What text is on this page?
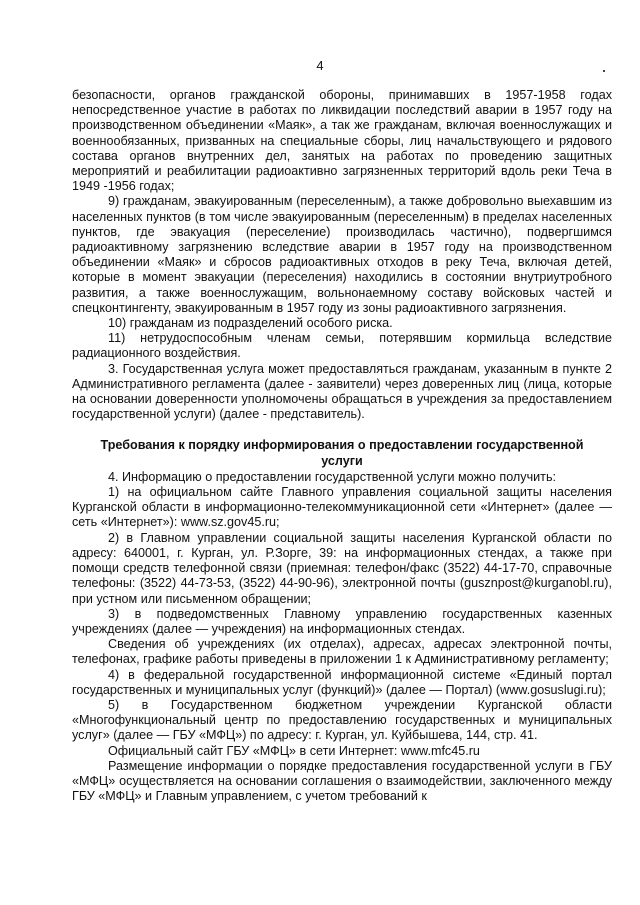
4

безопасности, органов гражданской обороны, принимавших в 1957-1958 годах непосредственное участие в работах по ликвидации последствий аварии в 1957 году на производственном объединении «Маяк», а так же гражданам, включая военнослужащих и военнообязанных, призванных на специальные сборы, лиц начальствующего и рядового состава органов внутренних дел, занятых на работах по проведению защитных мероприятий и реабилитации радиоактивно загрязненных территорий вдоль реки Теча в 1949 -1956 годах;

9) гражданам, эвакуированным (переселенным), а также добровольно выехавшим из населенных пунктов (в том числе эвакуированным (переселенным) в пределах населенных пунктов, где эвакуация (переселение) производилась частично), подвергшимся радиоактивному загрязнению вследствие аварии в 1957 году на производственном объединении «Маяк» и сбросов радиоактивных отходов в реку Теча, включая детей, которые в момент эвакуации (переселения) находились в состоянии внутриутробного развития, а также военнослужащим, вольнонаемному составу войсковых частей и спецконтингенту, эвакуированным в 1957 году из зоны радиоактивного загрязнения.

10) гражданам из подразделений особого риска.

11) нетрудоспособным членам семьи, потерявшим кормильца вследствие радиационного воздействия.

3. Государственная услуга может предоставляться гражданам, указанным в пункте 2 Административного регламента (далее - заявители) через доверенных лиц (лица, которые на основании доверенности уполномочены обращаться в учреждения за предоставлением государственной услуги) (далее - представитель).

Требования к порядку информирования о предоставлении государственной услуги

4. Информацию о предоставлении государственной услуги можно получить:

1) на официальном сайте Главного управления социальной защиты населения Курганской области в информационно-телекоммуникационной сети «Интернет» (далее — сеть «Интернет»): www.sz.gov45.ru;

2) в Главном управлении социальной защиты населения Курганской области по адресу: 640001, г. Курган, ул. Р.Зорге, 39: на информационных стендах, а также при помощи средств телефонной связи (приемная: телефон/факс (3522) 44-17-70, справочные телефоны: (3522) 44-73-53, (3522) 44-90-96), электронной почты (gusznpost@kurganobl.ru), при устном или письменном обращении;

3) в подведомственных Главному управлению государственных казенных учреждениях (далее — учреждения) на информационных стендах.

Сведения об учреждениях (их отделах), адресах, адресах электронной почты, телефонах, графике работы приведены в приложении 1 к Административному регламенту;

4) в федеральной государственной информационной системе «Единый портал государственных и муниципальных услуг (функций)» (далее — Портал) (www.gosuslugi.ru);

5) в Государственном бюджетном учреждении Курганской области «Многофункциональный центр по предоставлению государственных и муниципальных услуг» (далее — ГБУ «МФЦ») по адресу: г. Курган, ул. Куйбышева, 144, стр. 41.

Официальный сайт ГБУ «МФЦ» в сети Интернет: www.mfc45.ru

Размещение информации о порядке предоставления государственной услуги в ГБУ «МФЦ» осуществляется на основании соглашения о взаимодействии, заключенного между ГБУ «МФЦ» и Главным управлением, с учетом требований к
